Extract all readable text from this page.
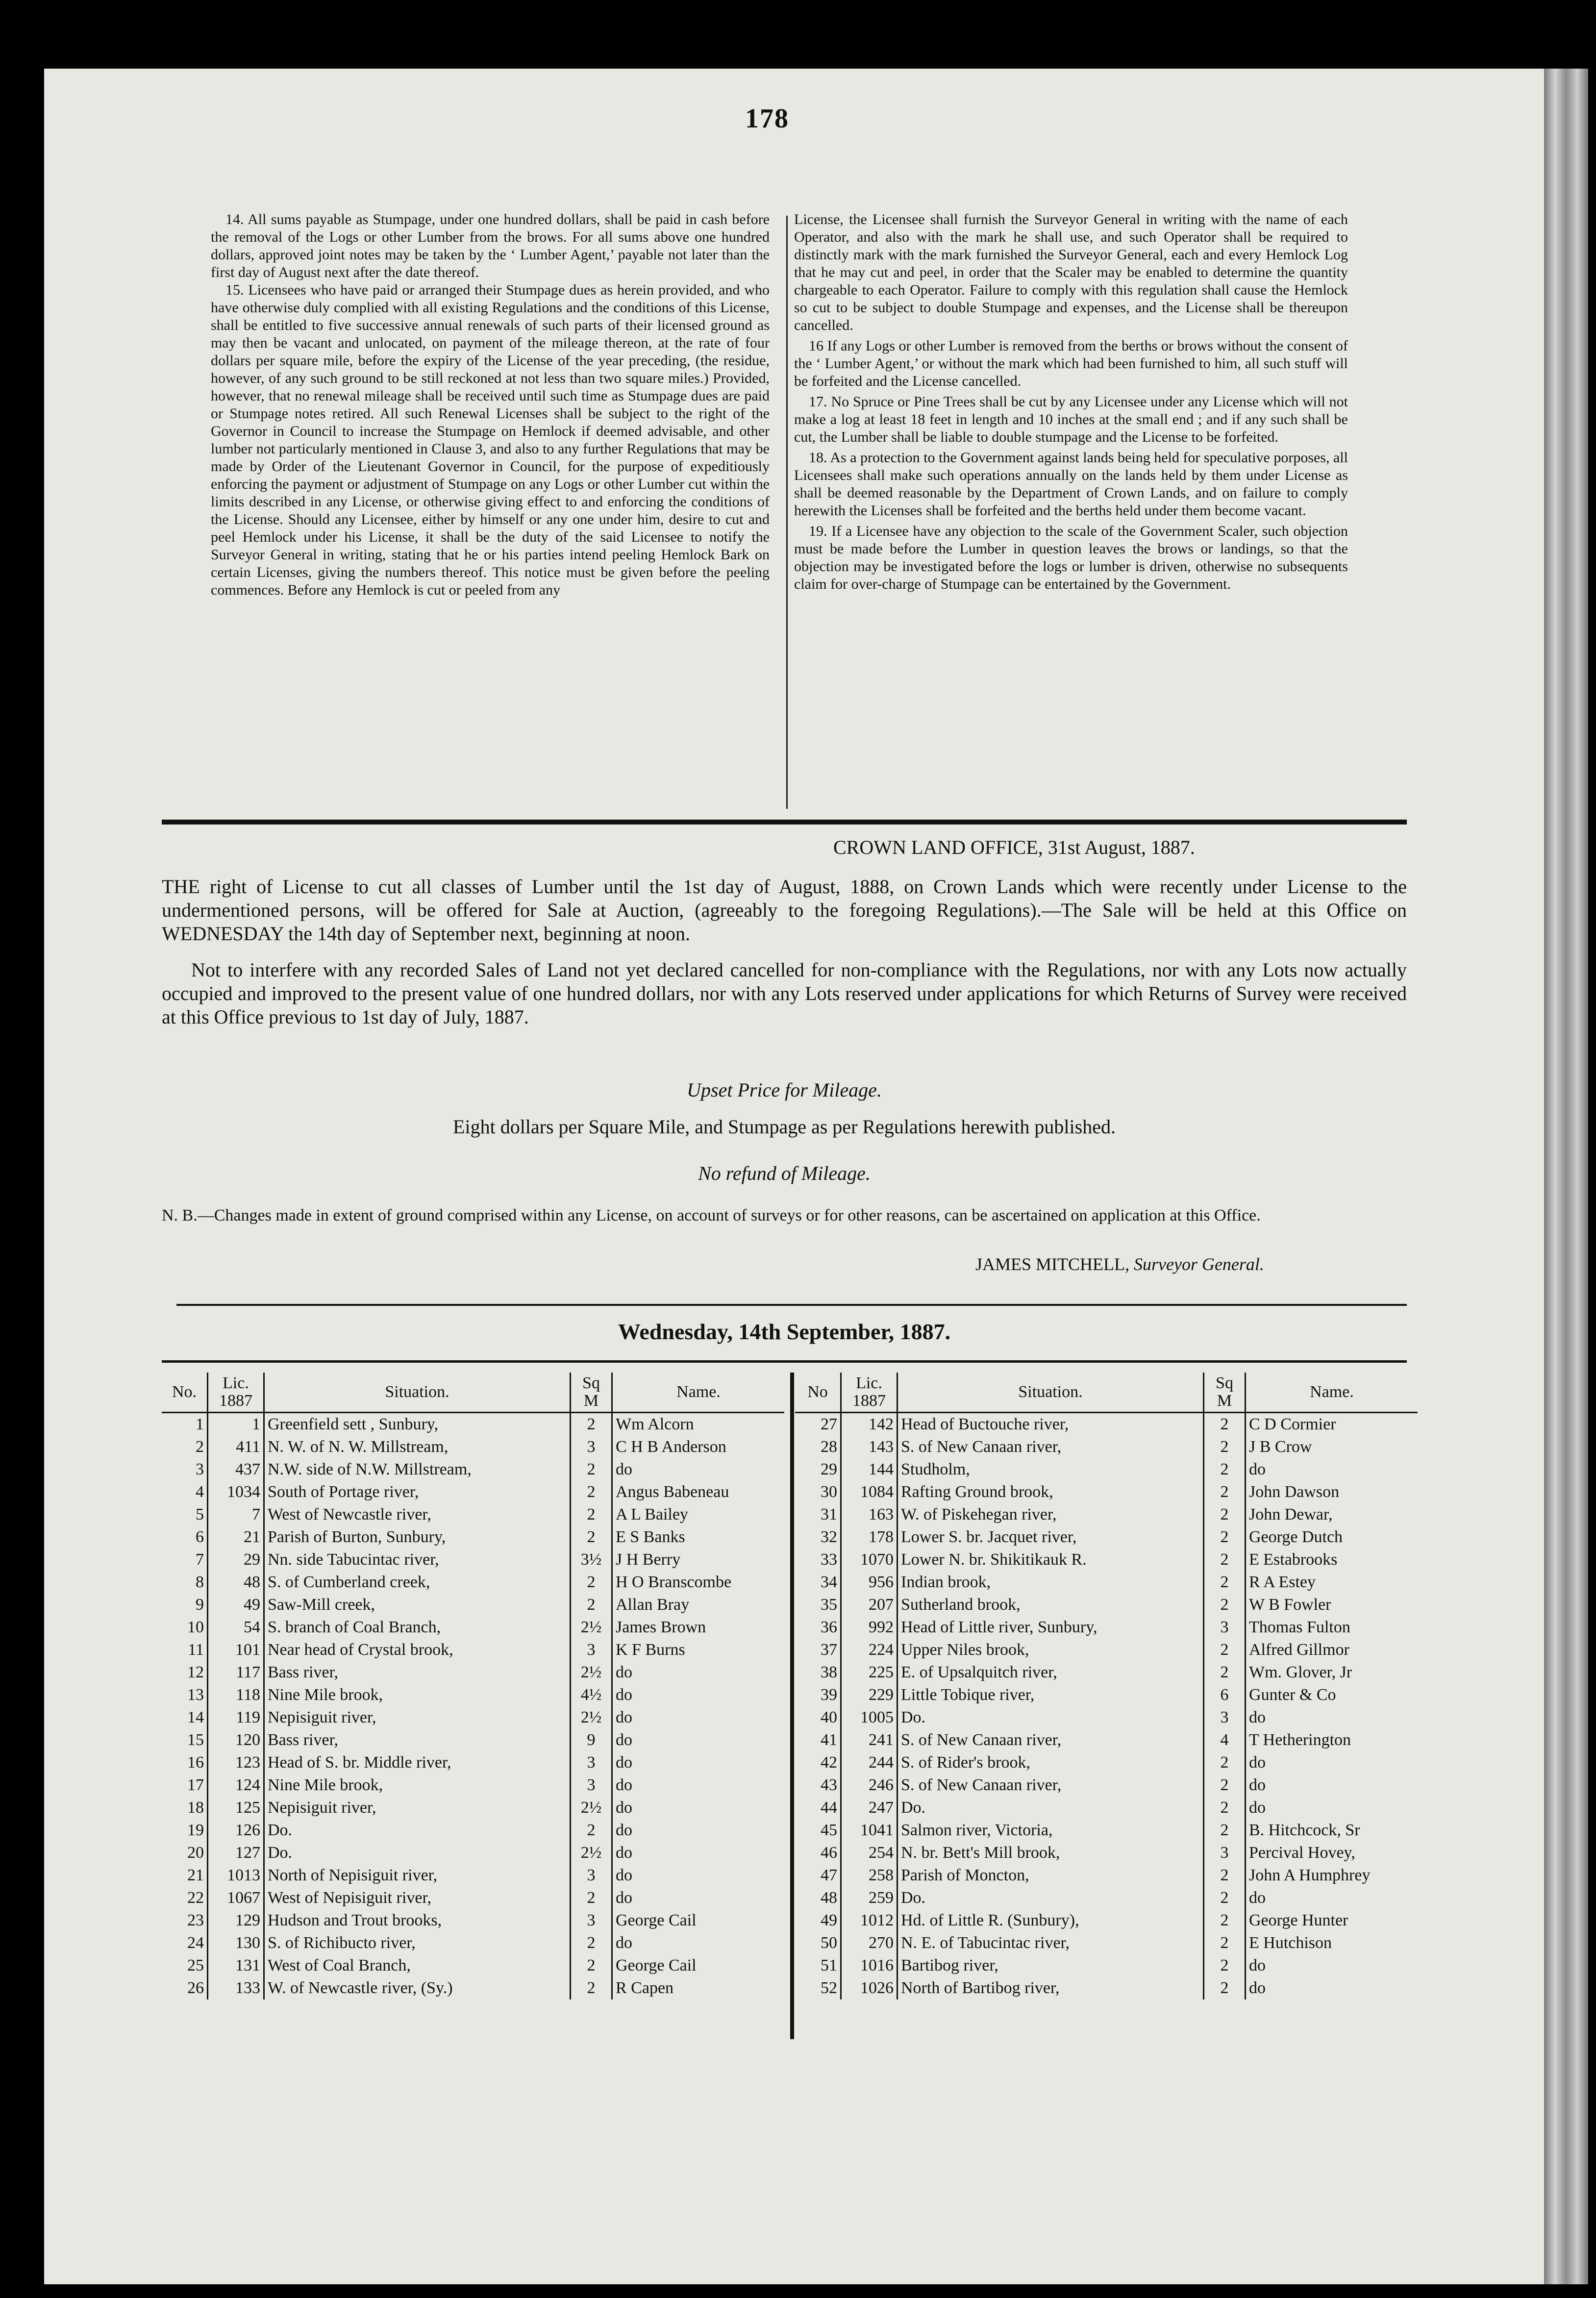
178

14. All sums payable as Stumpage, under one hundred dollars, shall be paid in cash before the removal of the Logs or other Lumber from the brows. For all sums above one hundred dollars, approved joint notes may be taken by the ‘ Lumber Agent,’ payable not later than the first day of August next after the date thereof.

15. Licensees who have paid or arranged their Stumpage dues as herein provided, and who have otherwise duly complied with all existing Regulations and the conditions of this License, shall be entitled to five successive annual renewals of such parts of their licensed ground as may then be vacant and unlocated, on payment of the mileage thereon, at the rate of four dollars per square mile, before the expiry of the License of the year preceding, (the residue, however, of any such ground to be still reckoned at not less than two square miles.) Provided, however, that no renewal mileage shall be received until such time as Stumpage dues are paid or Stumpage notes retired. All such Renewal Licenses shall be subject to the right of the Governor in Council to increase the Stumpage on Hemlock if deemed advisable, and other lumber not particularly mentioned in Clause 3, and also to any further Regulations that may be made by Order of the Lieutenant Governor in Council, for the purpose of expeditiously enforcing the payment or adjustment of Stumpage on any Logs or other Lumber cut within the limits described in any License, or otherwise giving effect to and enforcing the conditions of the License. Should any Licensee, either by himself or any one under him, desire to cut and peel Hemlock under his License, it shall be the duty of the said Licensee to notify the Surveyor General in writing, stating that he or his parties intend peeling Hemlock Bark on certain Licenses, giving the numbers thereof. This notice must be given before the peeling commences. Before any Hemlock is cut or peeled from any

License, the Licensee shall furnish the Surveyor General in writing with the name of each Operator, and also with the mark he shall use, and such Operator shall be required to distinctly mark with the mark furnished the Surveyor General, each and every Hemlock Log that he may cut and peel, in order that the Scaler may be enabled to determine the quantity chargeable to each Operator. Failure to comply with this regulation shall cause the Hemlock so cut to be subject to double Stumpage and expenses, and the License shall be thereupon cancelled.

16 If any Logs or other Lumber is removed from the berths or brows without the consent of the ‘ Lumber Agent,’ or without the mark which had been furnished to him, all such stuff will be forfeited and the License cancelled.

17. No Spruce or Pine Trees shall be cut by any Licensee under any License which will not make a log at least 18 feet in length and 10 inches at the small end ; and if any such shall be cut, the Lumber shall be liable to double stumpage and the License to be forfeited.

18. As a protection to the Government against lands being held for speculative porposes, all Licensees shall make such operations annually on the lands held by them under License as shall be deemed reasonable by the Department of Crown Lands, and on failure to comply herewith the Licenses shall be forfeited and the berths held under them become vacant.

19. If a Licensee have any objection to the scale of the Government Scaler, such objection must be made before the Lumber in question leaves the brows or landings, so that the objection may be investigated before the logs or lumber is driven, otherwise no subsequents claim for over-charge of Stumpage can be entertained by the Government.

CROWN LAND OFFICE, 31st August, 1887.
THE right of License to cut all classes of Lumber until the 1st day of August, 1888, on Crown Lands which were recently under License to the undermentioned persons, will be offered for Sale at Auction, (agreeably to the foregoing Regulations).—The Sale will be held at this Office on WEDNESDAY the 14th day of September next, beginning at noon.
Not to interfere with any recorded Sales of Land not yet declared cancelled for non-compliance with the Regulations, nor with any Lots now actually occupied and improved to the present value of one hundred dollars, nor with any Lots reserved under applications for which Returns of Survey were received at this Office previous to 1st day of July, 1887.
Upset Price for Mileage.
Eight dollars per Square Mile, and Stumpage as per Regulations herewith published.
No refund of Mileage.
N. B.—Changes made in extent of ground comprised within any License, on account of surveys or for other reasons, can be ascertained on application at this Office.
JAMES MITCHELL, Surveyor General.
Wednesday, 14th September, 1887.
No.	Lic. 1887	Situation.	Sq M	Name.
1	1	Greenfield sett , Sunbury,	2	Wm Alcorn
2	411	N. W. of N. W. Millstream,	3	C H B Anderson
3	437	N.W. side of N.W. Millstream,	2	do
4	1034	South of Portage river,	2	Angus Babeneau
5	7	West of Newcastle river,	2	A L Bailey
6	21	Parish of Burton, Sunbury,	2	E S Banks
7	29	Nn. side Tabucintac river,	3½	J H Berry
8	48	S. of Cumberland creek,	2	H O Branscombe
9	49	Saw-Mill creek,	2	Allan Bray
10	54	S. branch of Coal Branch,	2½	James Brown
11	101	Near head of Crystal brook,	3	K F Burns
12	117	Bass river,	2½	do
13	118	Nine Mile brook,	4½	do
14	119	Nepisiguit river,	2½	do
15	120	Bass river,	9	do
16	123	Head of S. br. Middle river,	3	do
17	124	Nine Mile brook,	3	do
18	125	Nepisiguit river,	2½	do
19	126	Do.	2	do
20	127	Do.	2½	do
21	1013	North of Nepisiguit river,	3	do
22	1067	West of Nepisiguit river,	2	do
23	129	Hudson and Trout brooks,	3	George Cail
24	130	S. of Richibucto river,	2	do
25	131	West of Coal Branch,	2	George Cail
26	133	W. of Newcastle river, (Sy.)	2	R Capen
No	Lic. 1887	Situation.	Sq M	Name.
27	142	Head of Buctouche river,	2	C D Cormier
28	143	S. of New Canaan river,	2	J B Crow
29	144	Studholm,	2	do
30	1084	Rafting Ground brook,	2	John Dawson
31	163	W. of Piskehegan river,	2	John Dewar,
32	178	Lower S. br. Jacquet river,	2	George Dutch
33	1070	Lower N. br. Shikitikauk R.	2	E Estabrooks
34	956	Indian brook,	2	R A Estey
35	207	Sutherland brook,	2	W B Fowler
36	992	Head of Little river, Sunbury,	3	Thomas Fulton
37	224	Upper Niles brook,	2	Alfred Gillmor
38	225	E. of Upsalquitch river,	2	Wm. Glover, Jr
39	229	Little Tobique river,	6	Gunter & Co
40	1005	Do.	3	do
41	241	S. of New Canaan river,	4	T Hetherington
42	244	S. of Rider's brook,	2	do
43	246	S. of New Canaan river,	2	do
44	247	Do.	2	do
45	1041	Salmon river, Victoria,	2	B. Hitchcock, Sr
46	254	N. br. Bett's Mill brook,	3	Percival Hovey,
47	258	Parish of Moncton,	2	John A Humphrey
48	259	Do.	2	do
49	1012	Hd. of Little R. (Sunbury),	2	George Hunter
50	270	N. E. of Tabucintac river,	2	E Hutchison
51	1016	Bartibog river,	2	do
52	1026	North of Bartibog river,	2	do
